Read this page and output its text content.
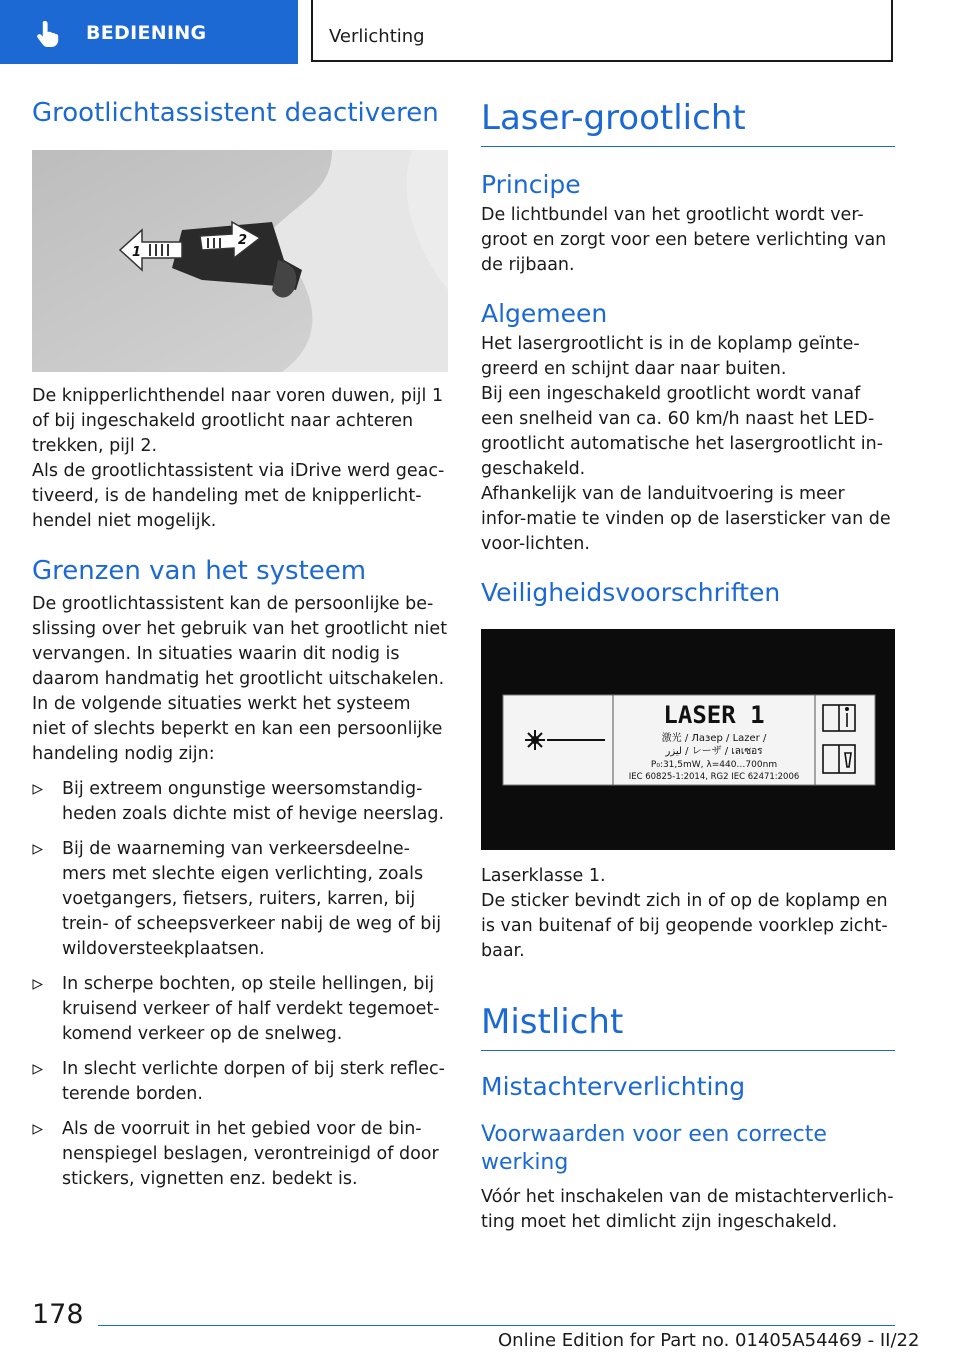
BEDIENING	Verlichting
Grootlichtassistent deactiveren
1
2

De knipperlichthendel naar voren duwen, pijl 1 of bij ingeschakeld grootlicht naar achteren trekken, pijl 2.

Als de grootlichtassistent via iDrive werd geac-tiveerd, is de handeling met de knipperlicht-hendel niet mogelijk.

Grenzen van het systeem

De grootlichtassistent kan de persoonlijke be-slissing over het gebruik van het grootlicht niet vervangen. In situaties waarin dit nodig is daarom handmatig het grootlicht uitschakelen.

In de volgende situaties werkt het systeem niet of slechts beperkt en kan een persoonlijke handeling nodig zijn:

Bij extreem ongunstige weersomstandig-heden zoals dichte mist of hevige neerslag.
Bij de waarneming van verkeersdeelne-mers met slechte eigen verlichting, zoals voetgangers, fietsers, ruiters, karren, bij trein- of scheepsverkeer nabij de weg of bij wildoversteekplaatsen.
In scherpe bochten, op steile hellingen, bij kruisend verkeer of half verdekt tegemoet-komend verkeer op de snelweg.
In slecht verlichte dorpen of bij sterk reflec-terende borden.
Als de voorruit in het gebied voor de bin-nenspiegel beslagen, verontreinigd of door stickers, vignetten enz. bedekt is.
Laser-grootlicht
Principe

De lichtbundel van het grootlicht wordt ver-groot en zorgt voor een betere verlichting van de rijbaan.

Algemeen

Het lasergrootlicht is in de koplamp geïnte-greerd en schijnt daar naar buiten.

Bij een ingeschakeld grootlicht wordt vanaf een snelheid van ca. 60 km/h naast het LED-grootlicht automatische het lasergrootlicht in-geschakeld.

Afhankelijk van de landuitvoering is meer infor-matie te vinden op de lasersticker van de voor-lichten.

Veiligheidsvoorschriften
LASER 1
激光 / Лазер / Lazer /
ليزر / レーザ / เลเซอร
P₀:31,5mW, λ=440…700nm
IEC 60825-1:2014, RG2 IEC 62471:2006

Laserklasse 1.

De sticker bevindt zich in of op de koplamp en is van buitenaf of bij geopende voorklep zicht-baar.

Mistlicht
Mistachterverlichting
Voorwaarden voor een correcte werking

Vóór het inschakelen van de mistachterverlich-ting moet het dimlicht zijn ingeschakeld.

178
Online Edition for Part no. 01405A54469 - II/22
